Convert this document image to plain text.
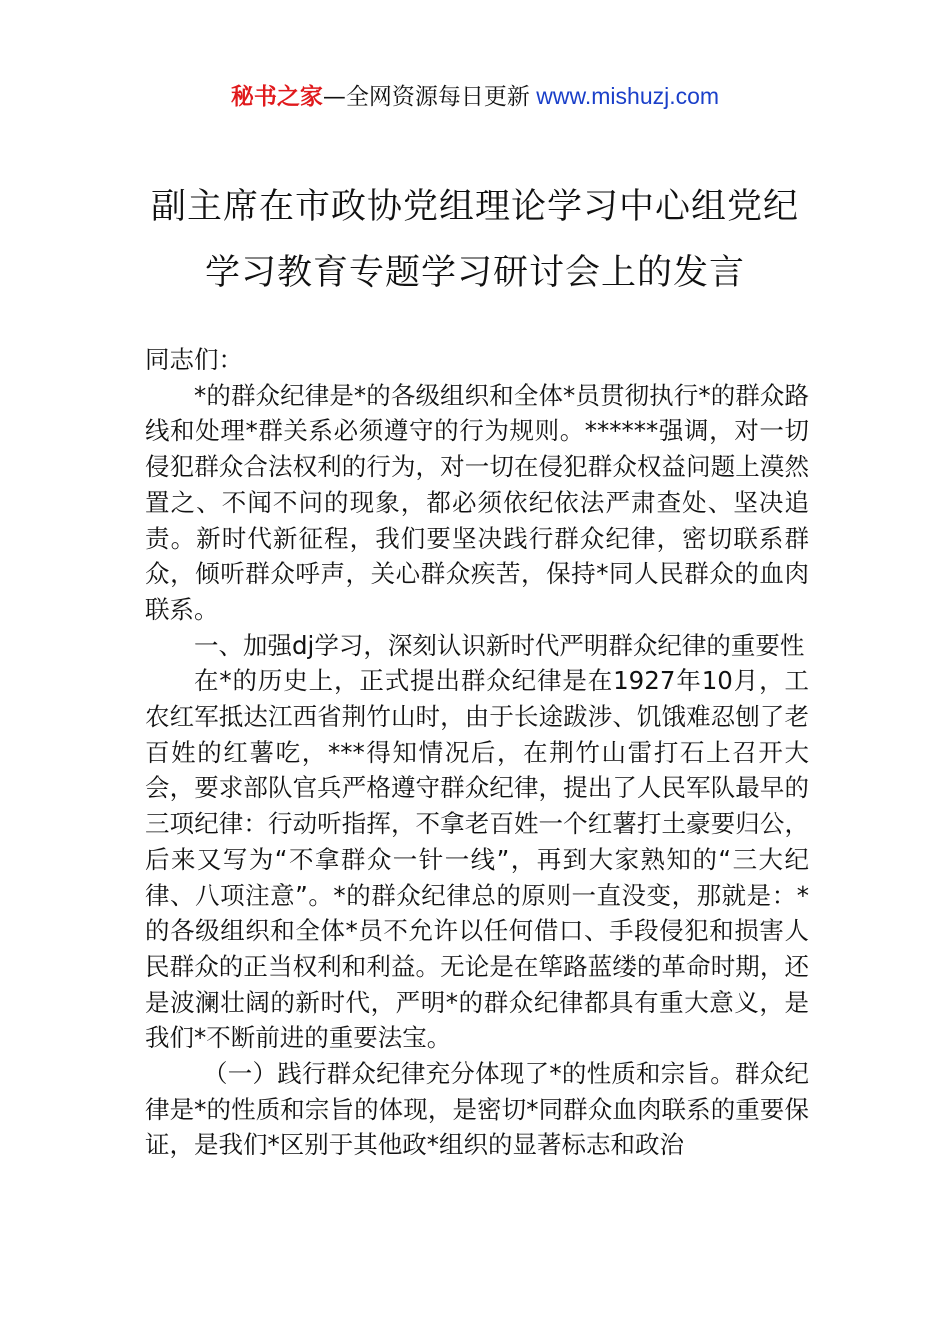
秘书之家—全网资源每日更新 www.mishuzj.com
副主席在市政协党组理论学习中心组党纪
学习教育专题学习研讨会上的发言

同志们：

*的群众纪律是*的各级组织和全体*员贯彻执行*的群众路线和处理*群关系必须遵守的行为规则。******强调，对一切侵犯群众合法权利的行为，对一切在侵犯群众权益问题上漠然置之、不闻不问的现象，都必须依纪依法严肃查处、坚决追责。新时代新征程，我们要坚决践行群众纪律，密切联系群众，倾听群众呼声，关心群众疾苦，保持*同人民群众的血肉联系。

一、加强dj学习，深刻认识新时代严明群众纪律的重要性

在*的历史上，正式提出群众纪律是在1927年10月，工农红军抵达江西省荆竹山时，由于长途跋涉、饥饿难忍刨了老百姓的红薯吃，***得知情况后，在荆竹山雷打石上召开大会，要求部队官兵严格遵守群众纪律，提出了人民军队最早的三项纪律：行动听指挥，不拿老百姓一个红薯打土豪要归公，后来又写为“不拿群众一针一线”，再到大家熟知的“三大纪律、八项注意”。*的群众纪律总的原则一直没变，那就是：*的各级组织和全体*员不允许以任何借口、手段侵犯和损害人民群众的正当权利和利益。无论是在筚路蓝缕的革命时期，还是波澜壮阔的新时代，严明*的群众纪律都具有重大意义，是我们*不断前进的重要法宝。

（一）践行群众纪律充分体现了*的性质和宗旨。群众纪律是*的性质和宗旨的体现，是密切*同群众血肉联系的重要保证，是我们*区别于其他政*组织的显著标志和政治
